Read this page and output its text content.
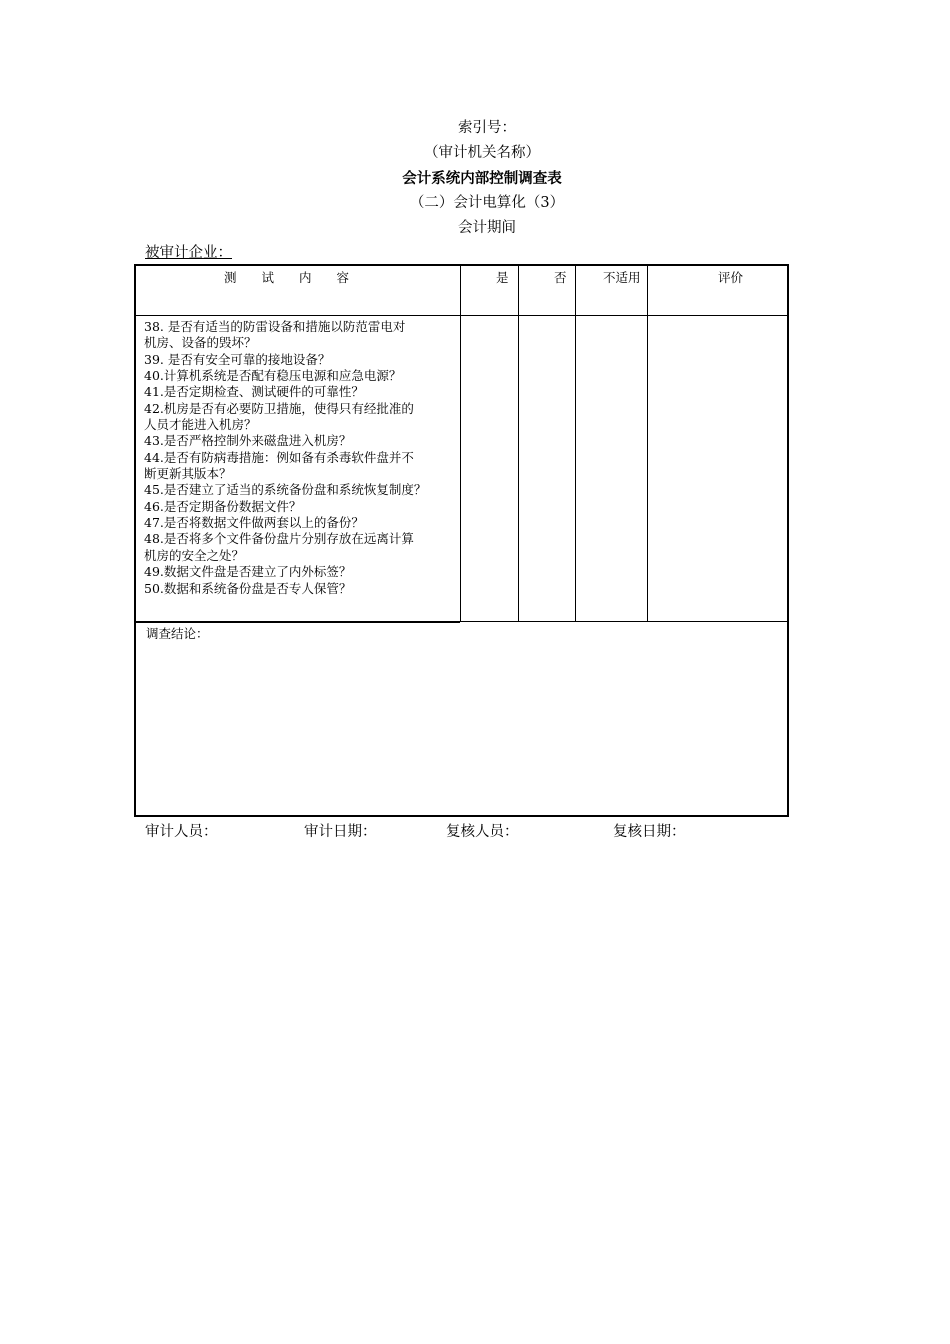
索引号：
（审计机关名称）
会计系统内部控制调查表
（二）会计电算化（3）
会计期间
被审计企业：
测　　试　　内　　容	是	否	不适用	评价
38. 是否有适当的防雷设备和措施以防范雷电对
机房、设备的毁坏？
39. 是否有安全可靠的接地设备？
40.计算机系统是否配有稳压电源和应急电源？
41.是否定期检查、测试硬件的可靠性？
42.机房是否有必要防卫措施，使得只有经批准的
人员才能进入机房？
43.是否严格控制外来磁盘进入机房？
44.是否有防病毒措施：例如备有杀毒软件盘并不
断更新其版本？
45.是否建立了适当的系统备份盘和系统恢复制度？
46.是否定期备份数据文件？
47.是否将数据文件做两套以上的备份？
48.是否将多个文件备份盘片分别存放在远离计算
机房的安全之处？
49.数据文件盘是否建立了内外标签？
50.数据和系统备份盘是否专人保管？
调查结论：
审计人员：	审计日期：	复核人员：	复核日期：
